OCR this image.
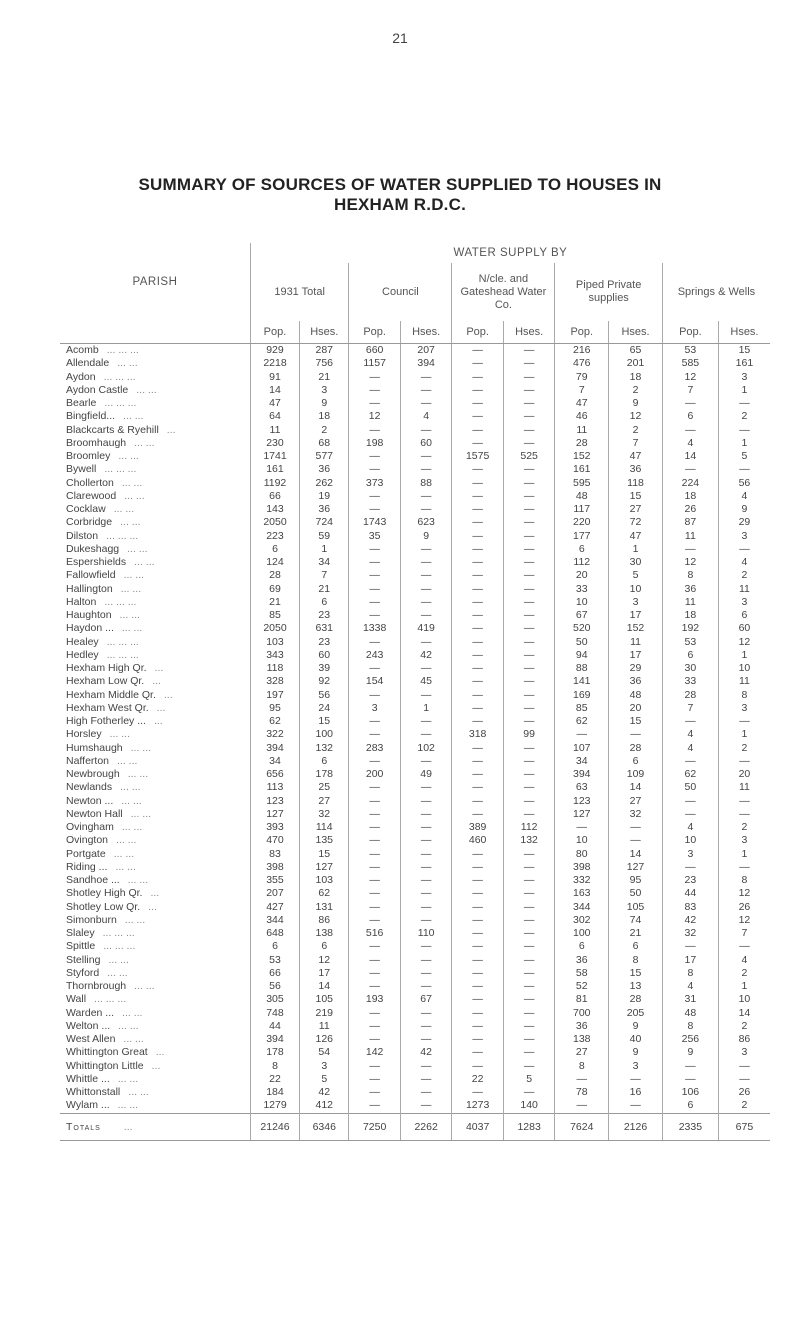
21
SUMMARY OF SOURCES OF WATER SUPPLIED TO HOUSES IN
HEXHAM R.D.C.
PARISH	WATER SUPPLY BY									
	1931 Total		Council		N/cle. and Gateshead Water Co.		Piped Private supplies		Springs & Wells	
	Pop.	Hses.	Pop.	Hses.	Pop.	Hses.	Pop.	Hses.	Pop.	Hses.
Acomb ... ... ...	929	287	660	207	—	—	216	65	53	15
Allendale ... ...	2218	756	1157	394	—	—	476	201	585	161
Aydon ... ... ...	91	21	—	—	—	—	79	18	12	3
Aydon Castle ... ...	14	3	—	—	—	—	7	2	7	1
Bearle ... ... ...	47	9	—	—	—	—	47	9	—	—
Bingfield... ... ...	64	18	12	4	—	—	46	12	6	2
Blackcarts & Ryehill ...	11	2	—	—	—	—	11	2	—	—
Broomhaugh ... ...	230	68	198	60	—	—	28	7	4	1
Broomley ... ...	1741	577	—	—	1575	525	152	47	14	5
Bywell ... ... ...	161	36	—	—	—	—	161	36	—	—
Chollerton ... ...	1192	262	373	88	—	—	595	118	224	56
Clarewood ... ...	66	19	—	—	—	—	48	15	18	4
Cocklaw ... ...	143	36	—	—	—	—	117	27	26	9
Corbridge ... ...	2050	724	1743	623	—	—	220	72	87	29
Dilston ... ... ...	223	59	35	9	—	—	177	47	11	3
Dukeshagg ... ...	6	1	—	—	—	—	6	1	—	—
Espershields ... ...	124	34	—	—	—	—	112	30	12	4
Fallowfield ... ...	28	7	—	—	—	—	20	5	8	2
Hallington ... ...	69	21	—	—	—	—	33	10	36	11
Halton ... ... ...	21	6	—	—	—	—	10	3	11	3
Haughton ... ...	85	23	—	—	—	—	67	17	18	6
Haydon ... ... ...	2050	631	1338	419	—	—	520	152	192	60
Healey ... ... ...	103	23	—	—	—	—	50	11	53	12
Hedley ... ... ...	343	60	243	42	—	—	94	17	6	1
Hexham High Qr. ...	118	39	—	—	—	—	88	29	30	10
Hexham Low Qr. ...	328	92	154	45	—	—	141	36	33	11
Hexham Middle Qr. ...	197	56	—	—	—	—	169	48	28	8
Hexham West Qr. ...	95	24	3	1	—	—	85	20	7	3
High Fotherley ... ...	62	15	—	—	—	—	62	15	—	—
Horsley ... ...	322	100	—	—	318	99	—	—	4	1
Humshaugh ... ...	394	132	283	102	—	—	107	28	4	2
Nafferton ... ...	34	6	—	—	—	—	34	6	—	—
Newbrough ... ...	656	178	200	49	—	—	394	109	62	20
Newlands ... ...	113	25	—	—	—	—	63	14	50	11
Newton ... ... ...	123	27	—	—	—	—	123	27	—	—
Newton Hall ... ...	127	32	—	—	—	—	127	32	—	—
Ovingham ... ...	393	114	—	—	389	112	—	—	4	2
Ovington ... ...	470	135	—	—	460	132	10	—	10	3
Portgate ... ...	83	15	—	—	—	—	80	14	3	1
Riding ... ... ...	398	127	—	—	—	—	398	127	—	—
Sandhoe ... ... ...	355	103	—	—	—	—	332	95	23	8
Shotley High Qr. ...	207	62	—	—	—	—	163	50	44	12
Shotley Low Qr. ...	427	131	—	—	—	—	344	105	83	26
Simonburn ... ...	344	86	—	—	—	—	302	74	42	12
Slaley ... ... ...	648	138	516	110	—	—	100	21	32	7
Spittle ... ... ...	6	6	—	—	—	—	6	6	—	—
Stelling ... ...	53	12	—	—	—	—	36	8	17	4
Styford ... ...	66	17	—	—	—	—	58	15	8	2
Thornbrough ... ...	56	14	—	—	—	—	52	13	4	1
Wall ... ... ...	305	105	193	67	—	—	81	28	31	10
Warden ... ... ...	748	219	—	—	—	—	700	205	48	14
Welton ... ... ...	44	11	—	—	—	—	36	9	8	2
West Allen ... ...	394	126	—	—	—	—	138	40	256	86
Whittington Great ...	178	54	142	42	—	—	27	9	9	3
Whittington Little ...	8	3	—	—	—	—	8	3	—	—
Whittle ... ... ...	22	5	—	—	22	5	—	—	—	—
Whittonstall ... ...	184	42	—	—	—	—	78	16	106	26
Wylam ... ... ...	1279	412	—	—	1273	140	—	—	6	2
Totals ...	21246	6346	7250	2262	4037	1283	7624	2126	2335	675
